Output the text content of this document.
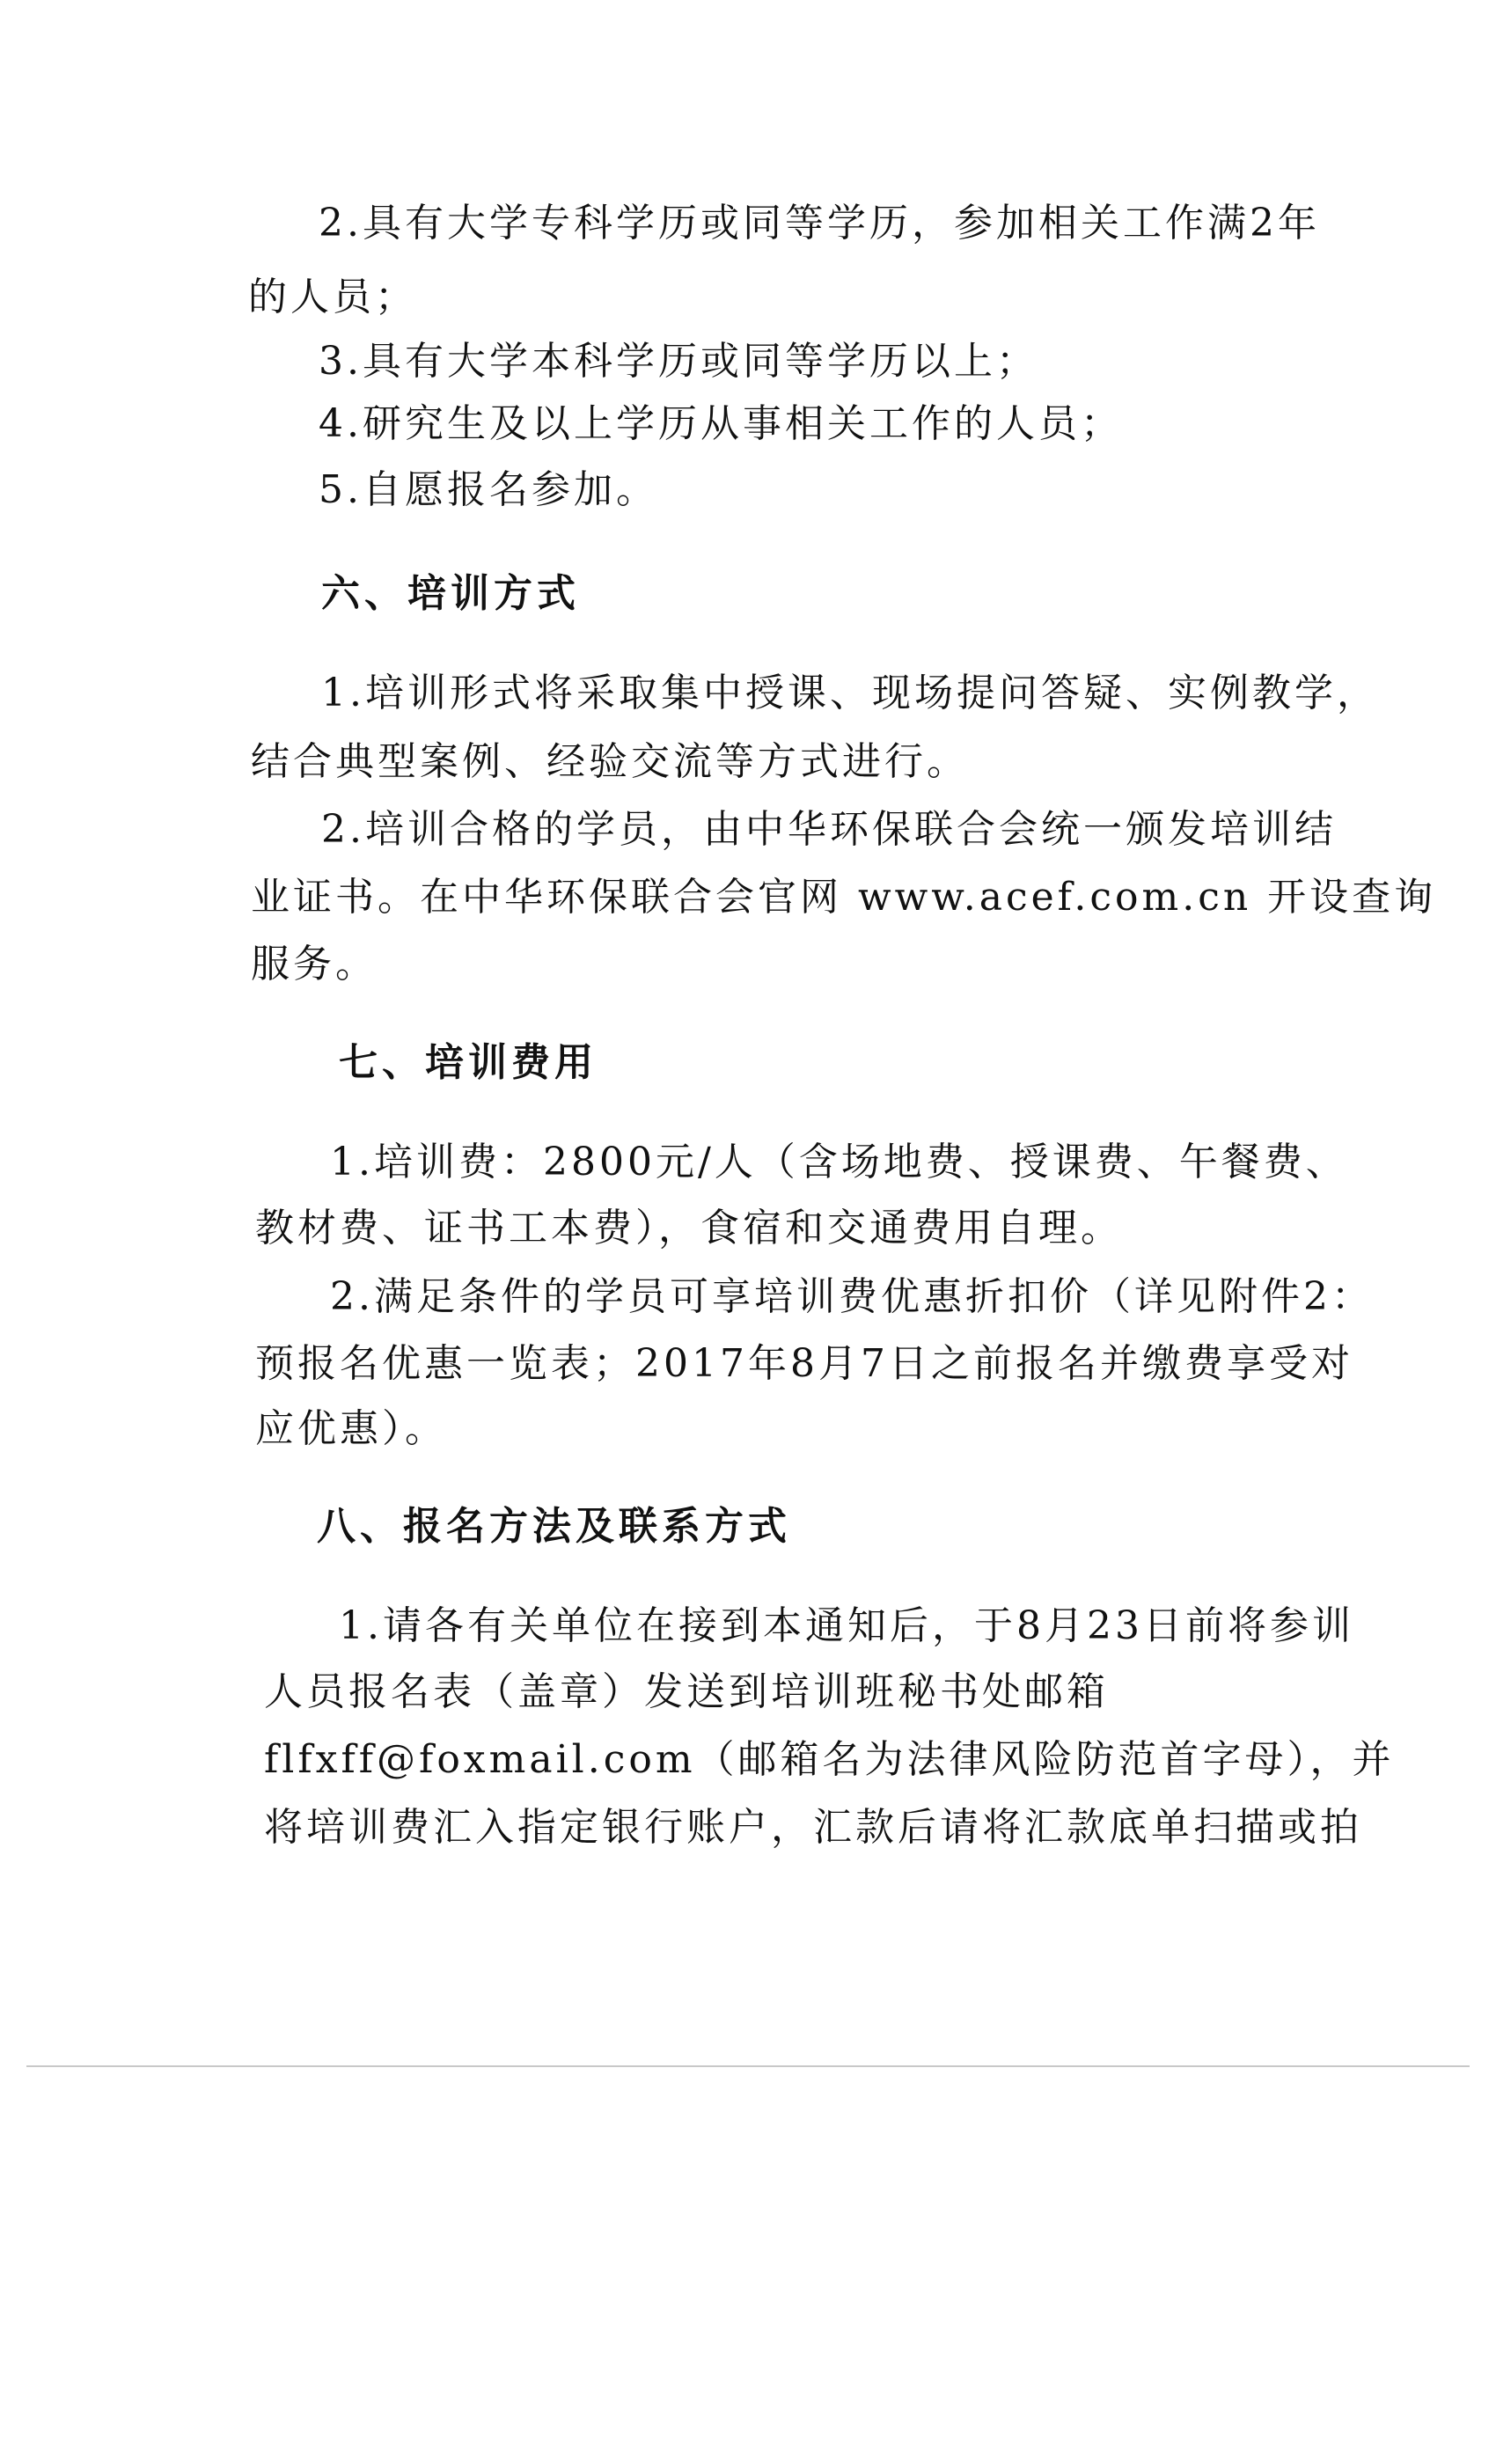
2.具有大学专科学历或同等学历，参加相关工作满2年
的人员；
3.具有大学本科学历或同等学历以上；
4.研究生及以上学历从事相关工作的人员；
5.自愿报名参加。
六、培训方式
1.培训形式将采取集中授课、现场提问答疑、实例教学，
结合典型案例、经验交流等方式进行。
2.培训合格的学员，由中华环保联合会统一颁发培训结
业证书。在中华环保联合会官网 www.acef.com.cn 开设查询
服务。
七、培训费用
1.培训费：2800元/人（含场地费、授课费、午餐费、
教材费、证书工本费），食宿和交通费用自理。
2.满足条件的学员可享培训费优惠折扣价（详见附件2：
预报名优惠一览表；2017年8月7日之前报名并缴费享受对
应优惠）。
八、报名方法及联系方式
1.请各有关单位在接到本通知后，于8月23日前将参训
人员报名表（盖章）发送到培训班秘书处邮箱
flfxff@foxmail.com（邮箱名为法律风险防范首字母），并
将培训费汇入指定银行账户，汇款后请将汇款底单扫描或拍
